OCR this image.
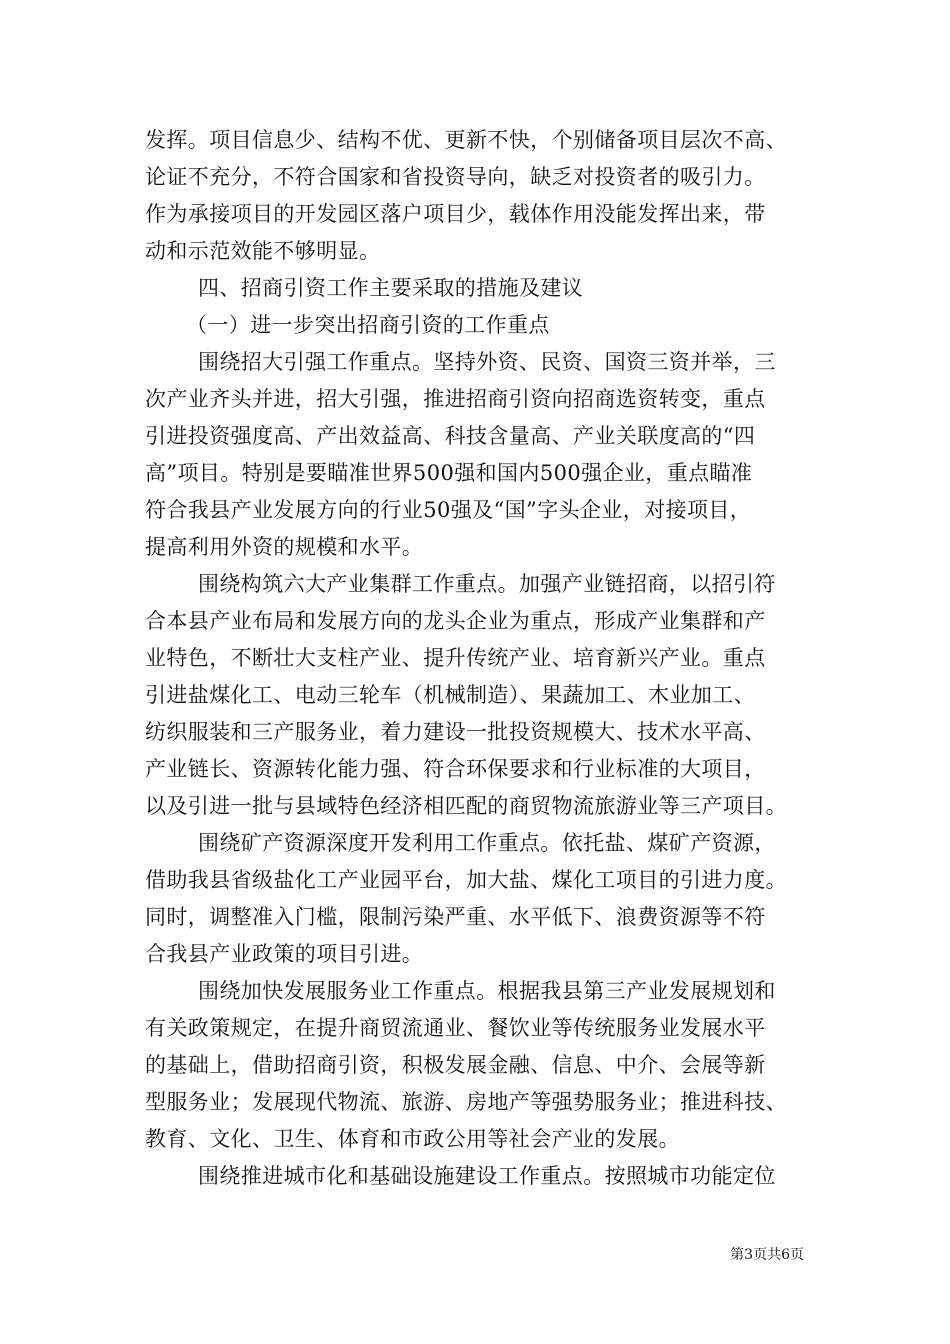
发挥。项目信息少、结构不优、更新不快，个别储备项目层次不高、
论证不充分，不符合国家和省投资导向，缺乏对投资者的吸引力。
作为承接项目的开发园区落户项目少，载体作用没能发挥出来，带
动和示范效能不够明显。
四、招商引资工作主要采取的措施及建议
（一）进一步突出招商引资的工作重点
围绕招大引强工作重点。坚持外资、民资、国资三资并举，三
次产业齐头并进，招大引强，推进招商引资向招商选资转变，重点
引进投资强度高、产出效益高、科技含量高、产业关联度高的“四
高”项目。特别是要瞄准世界500强和国内500强企业，重点瞄准
符合我县产业发展方向的行业50强及“国”字头企业，对接项目，
提高利用外资的规模和水平。
围绕构筑六大产业集群工作重点。加强产业链招商，以招引符
合本县产业布局和发展方向的龙头企业为重点，形成产业集群和产
业特色，不断壮大支柱产业、提升传统产业、培育新兴产业。重点
引进盐煤化工、电动三轮车（机械制造）、果蔬加工、木业加工、
纺织服装和三产服务业，着力建设一批投资规模大、技术水平高、
产业链长、资源转化能力强、符合环保要求和行业标准的大项目，
以及引进一批与县域特色经济相匹配的商贸物流旅游业等三产项目。
围绕矿产资源深度开发利用工作重点。依托盐、煤矿产资源，
借助我县省级盐化工产业园平台，加大盐、煤化工项目的引进力度。
同时，调整准入门槛，限制污染严重、水平低下、浪费资源等不符
合我县产业政策的项目引进。
围绕加快发展服务业工作重点。根据我县第三产业发展规划和
有关政策规定，在提升商贸流通业、餐饮业等传统服务业发展水平
的基础上，借助招商引资，积极发展金融、信息、中介、会展等新
型服务业；发展现代物流、旅游、房地产等强势服务业；推进科技、
教育、文化、卫生、体育和市政公用等社会产业的发展。
围绕推进城市化和基础设施建设工作重点。按照城市功能定位
第3页共6页
